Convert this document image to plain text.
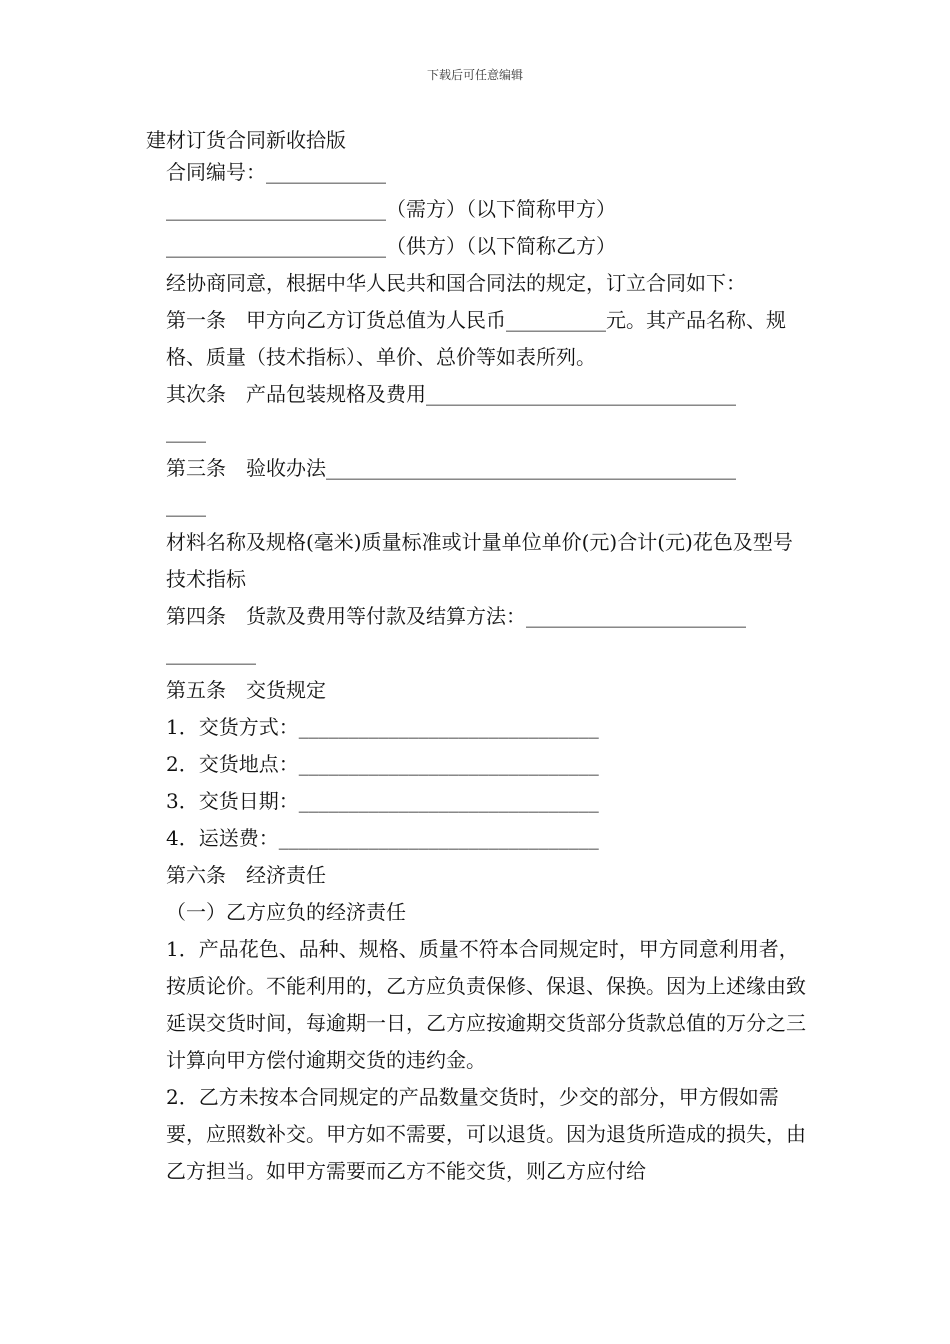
下载后可任意编辑
建材订货合同新收拾版

合同编号：____________

______________________（需方）（以下简称甲方）

______________________（供方）（以下简称乙方）

经协商同意，根据中华人民共和国合同法的规定，订立合同如下：

第一条　甲方向乙方订货总值为人民币__________元。其产品名称、规格、质量（技术指标）、单价、总价等如表所列。

其次条　产品包装规格及费用_______________________________
____

第三条　验收办法_________________________________________
____

材料名称及规格(毫米)质量标准或计量单位单价(元)合计(元)花色及型号技术指标

第四条　货款及费用等付款及结算方法：______________________
_________

第五条　交货规定

1．交货方式：______________________________

2．交货地点：______________________________

3．交货日期：______________________________

4．运送费：________________________________

第六条　经济责任

（一）乙方应负的经济责任

1．产品花色、品种、规格、质量不符本合同规定时，甲方同意利用者，按质论价。不能利用的，乙方应负责保修、保退、保换。因为上述缘由致延误交货时间，每逾期一日，乙方应按逾期交货部分货款总值的万分之三计算向甲方偿付逾期交货的违约金。

2．乙方未按本合同规定的产品数量交货时，少交的部分，甲方假如需要，应照数补交。甲方如不需要，可以退货。因为退货所造成的损失，由乙方担当。如甲方需要而乙方不能交货，则乙方应付给
